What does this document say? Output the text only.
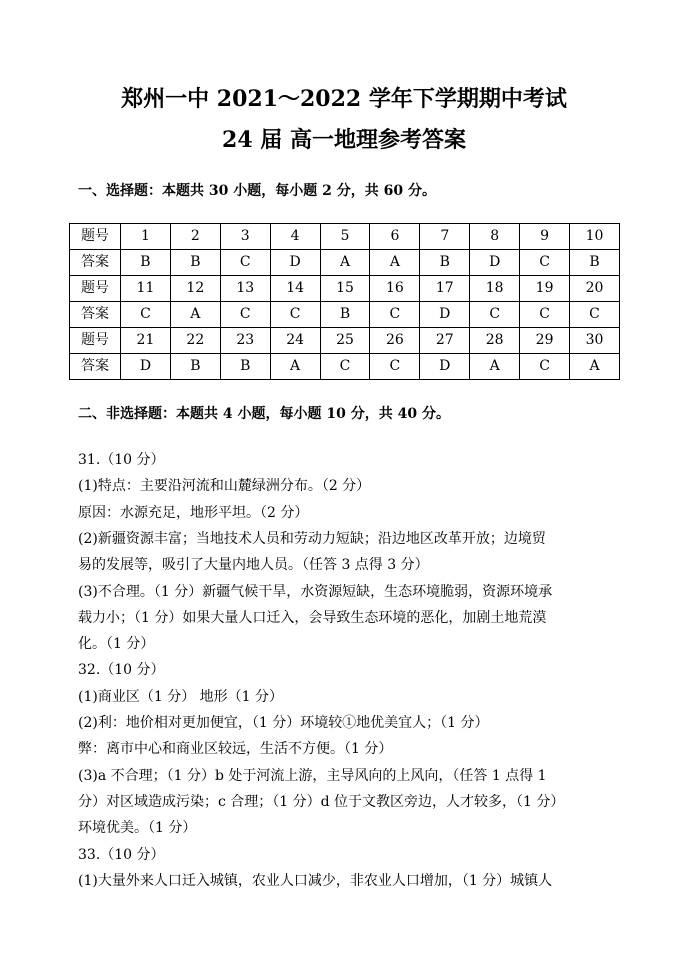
郑州一中 2021～2022 学年下学期期中考试
24 届 高一地理参考答案
一、选择题：本题共 30 小题，每小题 2 分，共 60 分。
题号	1	2	3	4	5	6	7	8	9	10
答案	B	B	C	D	A	A	B	D	C	B
题号	11	12	13	14	15	16	17	18	19	20
答案	C	A	C	C	B	C	D	C	C	C
题号	21	22	23	24	25	26	27	28	29	30
答案	D	B	B	A	C	C	D	A	C	A
二、非选择题：本题共 4 小题，每小题 10 分，共 40 分。
31.（10 分）
(1)特点：主要沿河流和山麓绿洲分布。（2 分）
原因：水源充足，地形平坦。（2 分）
(2)新疆资源丰富；当地技术人员和劳动力短缺；沿边地区改革开放；边境贸
易的发展等，吸引了大量内地人员。（任答 3 点得 3 分）
(3)不合理。（1 分）新疆气候干旱，水资源短缺，生态环境脆弱，资源环境承
载力小；（1 分）如果大量人口迁入，会导致生态环境的恶化，加剧土地荒漠
化。（1 分）
32.（10 分）
(1)商业区（1 分） 地形（1 分）
(2)利：地价相对更加便宜，（1 分）环境较①地优美宜人；（1 分）
弊：离市中心和商业区较远，生活不方便。（1 分）
(3)a 不合理；（1 分）b 处于河流上游，主导风向的上风向，（任答 1 点得 1
分）对区域造成污染；c 合理；（1 分）d 位于文教区旁边，人才较多，（1 分）
环境优美。（1 分）
33.（10 分）
(1)大量外来人口迁入城镇，农业人口减少，非农业人口增加，（1 分）城镇人
